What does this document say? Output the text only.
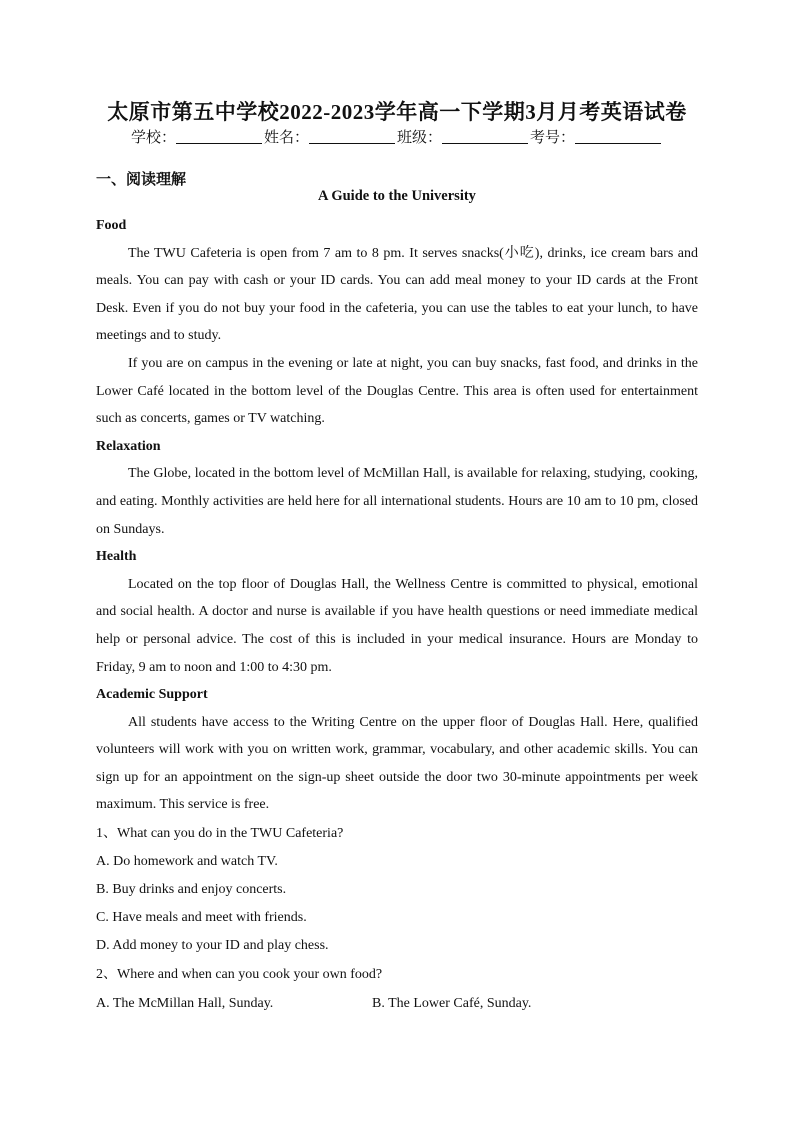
太原市第五中学校2022-2023学年高一下学期3月月考英语试卷
学校：	姓名：	班级：	考号：
一、阅读理解
A Guide to the University

Food

The TWU Cafeteria is open from 7 am to 8 pm. It serves snacks(小吃), drinks, ice cream bars and meals. You can pay with cash or your ID cards. You can add meal money to your ID cards at the Front Desk. Even if you do not buy your food in the cafeteria, you can use the tables to eat your lunch, to have meetings and to study.

If you are on campus in the evening or late at night, you can buy snacks, fast food, and drinks in the Lower Café located in the bottom level of the Douglas Centre. This area is often used for entertainment such as concerts, games or TV watching.

Relaxation

The Globe, located in the bottom level of McMillan Hall, is available for relaxing, studying, cooking, and eating. Monthly activities are held here for all international students. Hours are 10 am to 10 pm, closed on Sundays.

Health

Located on the top floor of Douglas Hall, the Wellness Centre is committed to physical, emotional and social health. A doctor and nurse is available if you have health questions or need immediate medical help or personal advice. The cost of this is included in your medical insurance. Hours are Monday to Friday, 9 am to noon and 1:00 to 4:30 pm.

Academic Support

All students have access to the Writing Centre on the upper floor of Douglas Hall. Here, qualified volunteers will work with you on written work, grammar, vocabulary, and other academic skills. You can sign up for an appointment on the sign-up sheet outside the door two 30-minute appointments per week maximum. This service is free.

1、What can you do in the TWU Cafeteria?

A. Do homework and watch TV.

B. Buy drinks and enjoy concerts.

C. Have meals and meet with friends.

D. Add money to your ID and play chess.

2、Where and when can you cook your own food?

A. The McMillan Hall, Sunday.	B. The Lower Café, Sunday.
